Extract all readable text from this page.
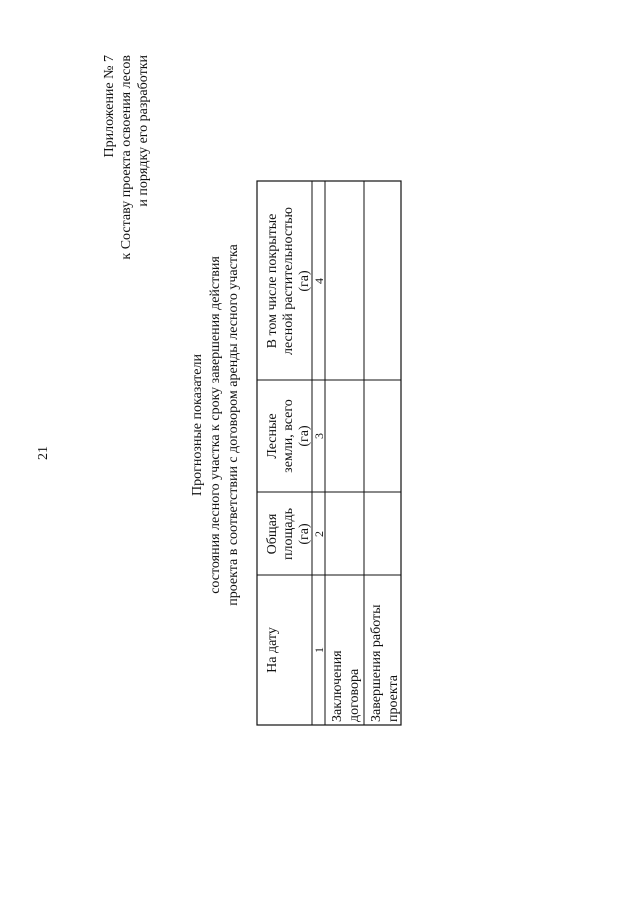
21
Приложение № 7 к Составу проекта освоения лесов и порядку его разработки
Прогнозные показатели состояния лесного участка к сроку завершения действия проекта в соответствии с договором аренды лесного участка
На дату
Общая площадь (га)
Лесные земли, всего (га)
В том числе покрытые лесной растительностью (га)
1
2
3
4
Заключения договора Завершения работы проекта
